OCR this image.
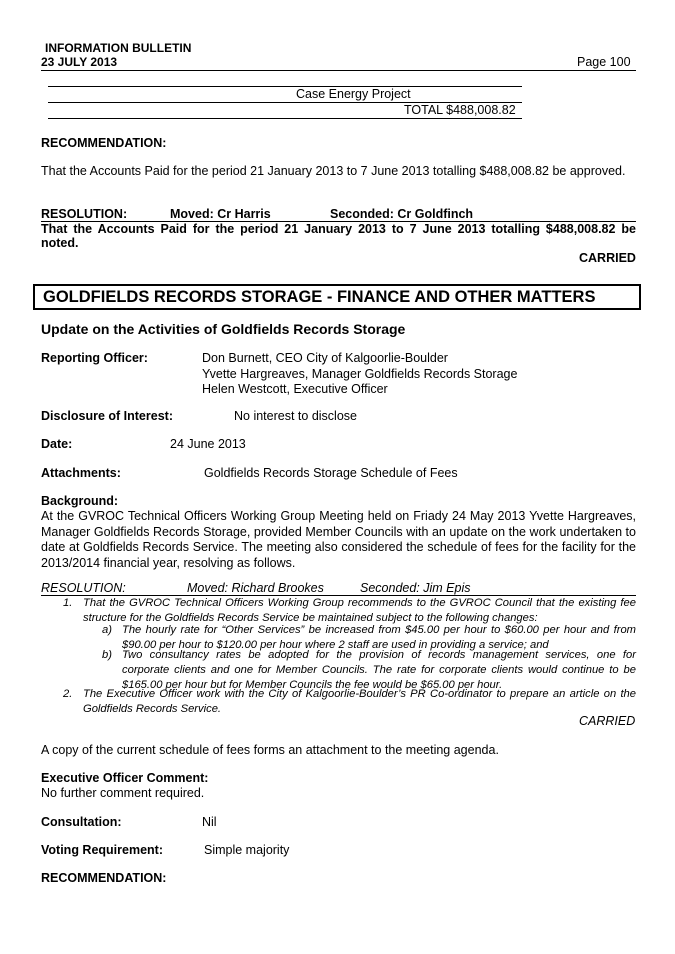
INFORMATION BULLETIN
23 JULY 2013	Page 100
Case Energy Project
TOTAL $488,008.82
RECOMMENDATION:
That the Accounts Paid for the period 21 January 2013 to 7 June 2013 totalling $488,008.82 be approved.
RESOLUTION:	Moved: Cr Harris	Seconded: Cr Goldfinch
That the Accounts Paid for the period 21 January 2013 to 7 June 2013 totalling $488,008.82 be
noted.
CARRIED
GOLDFIELDS RECORDS STORAGE - FINANCE AND OTHER MATTERS
Update on the Activities of Goldfields Records Storage
Reporting Officer:	Don Burnett, CEO City of Kalgoorlie-Boulder

Yvette Hargreaves, Manager Goldfields Records Storage

Helen Westcott, Executive Officer

Disclosure of Interest:	No interest to disclose
Date:	24 June 2013
Attachments:	Goldfields Records Storage Schedule of Fees
Background:

At the GVROC Technical Officers Working Group Meeting held on Friady 24 May 2013 Yvette Hargreaves,

Manager Goldfields Records Storage, provided Member Councils with an update on the work undertaken to

date at Goldfields Records Service. The meeting also considered the schedule of fees for the facility for the

2013/2014 financial year, resolving as follows.

RESOLUTION:	Moved: Richard Brookes	Seconded: Jim Epis
1. That the GVROC Technical Officers Working Group recommends to the GVROC Council that the existing fee

structure for the Goldfields Records Service be maintained subject to the following changes:

a) The hourly rate for “Other Services” be increased from $45.00 per hour to $60.00 per hour and from

$90.00 per hour to $120.00 per hour where 2 staff are used in providing a service; and

b) Two consultancy rates be adopted for the provision of records management services, one for

corporate clients and one for Member Councils. The rate for corporate clients would continue to be

$165.00 per hour but for Member Councils the fee would be $65.00 per hour.

2. The Executive Officer work with the City of Kalgoorlie-Boulder’s PR Co-ordinator to prepare an article on the

Goldfields Records Service.

CARRIED
A copy of the current schedule of fees forms an attachment to the meeting agenda.
Executive Officer Comment:
No further comment required.
Consultation:	Nil
Voting Requirement:	Simple majority
RECOMMENDATION:
